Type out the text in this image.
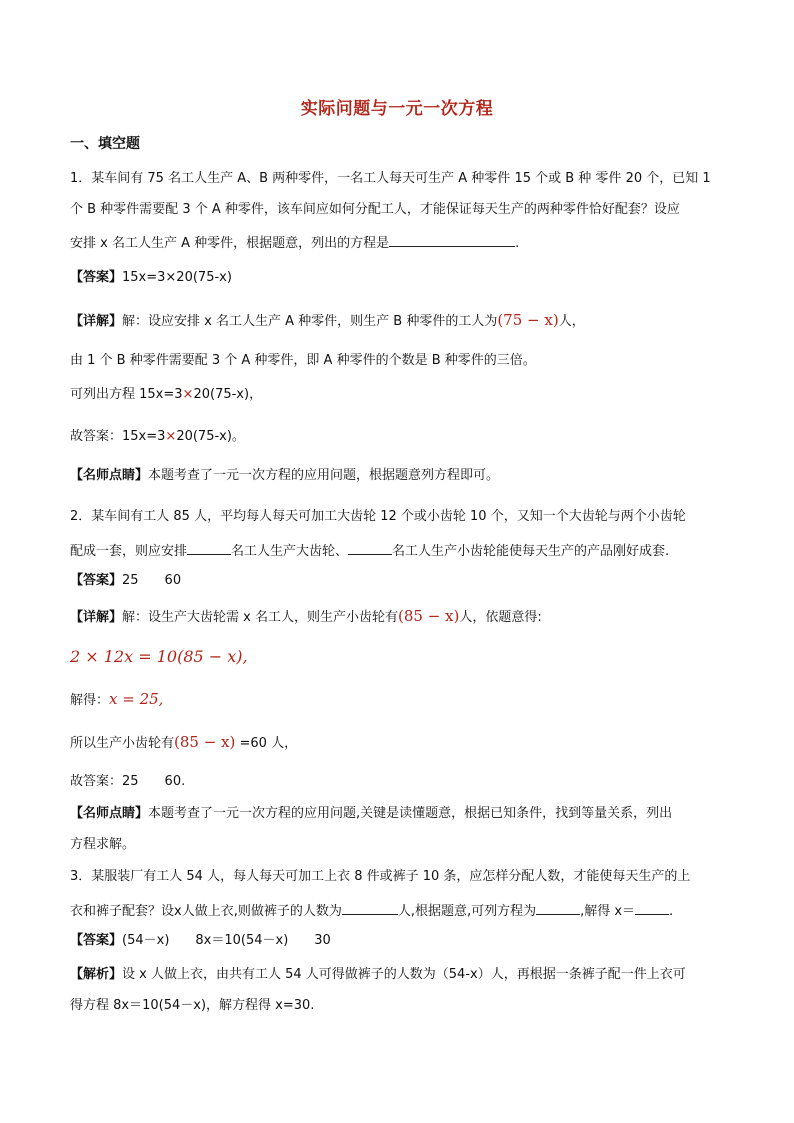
实际问题与一元一次方程
一、填空题
1．某车间有 75 名工人生产 A、B 两种零件，一名工人每天可生产 A 种零件 15 个或 B 种 零件 20 个，已知 1
个 B 种零件需要配 3 个 A 种零件，该车间应如何分配工人，才能保证每天生产的两种零件恰好配套？设应
安排 x 名工人生产 A 种零件，根据题意，列出的方程是	.
【答案】15x=3×20(75-x)
【详解】解：设应安排 x 名工人生产 A 种零件，则生产 B 种零件的工人为(75 − x)人，
由 1 个 B 种零件需要配 3 个 A 种零件，即 A 种零件的个数是 B 种零件的三倍。
可列出方程 15x=3×20(75-x)，
故答案：15x=3×20(75-x)。
【名师点睛】本题考查了一元一次方程的应用问题，根据题意列方程即可。
2．某车间有工人 85 人，平均每人每天可加工大齿轮 12 个或小齿轮 10 个，又知一个大齿轮与两个小齿轮
配成一套，则应安排	名工人生产大齿轮、	名工人生产小齿轮能使每天生产的产品刚好成套.
【答案】25　　60
【详解】解：设生产大齿轮需 x 名工人，则生产小齿轮有(85 − x)人，依题意得:
2 × 12x = 10(85 − x),
解得：x = 25,
所以生产小齿轮有(85 − x) =60 人，
故答案：25　　60.
【名师点睛】本题考查了一元一次方程的应用问题,关键是读懂题意，根据已知条件，找到等量关系，列出
方程求解。
3．某服装厂有工人 54 人，每人每天可加工上衣 8 件或裤子 10 条，应怎样分配人数，才能使每天生产的上
衣和裤子配套？设x人做上衣,则做裤子的人数为	人,根据题意,可列方程为	,解得 x＝	.
【答案】(54－x)　　8x＝10(54－x)　　30
【解析】设 x 人做上衣，由共有工人 54 人可得做裤子的人数为（54-x）人，再根据一条裤子配一件上衣可
得方程 8x＝10(54－x)，解方程得 x=30.
